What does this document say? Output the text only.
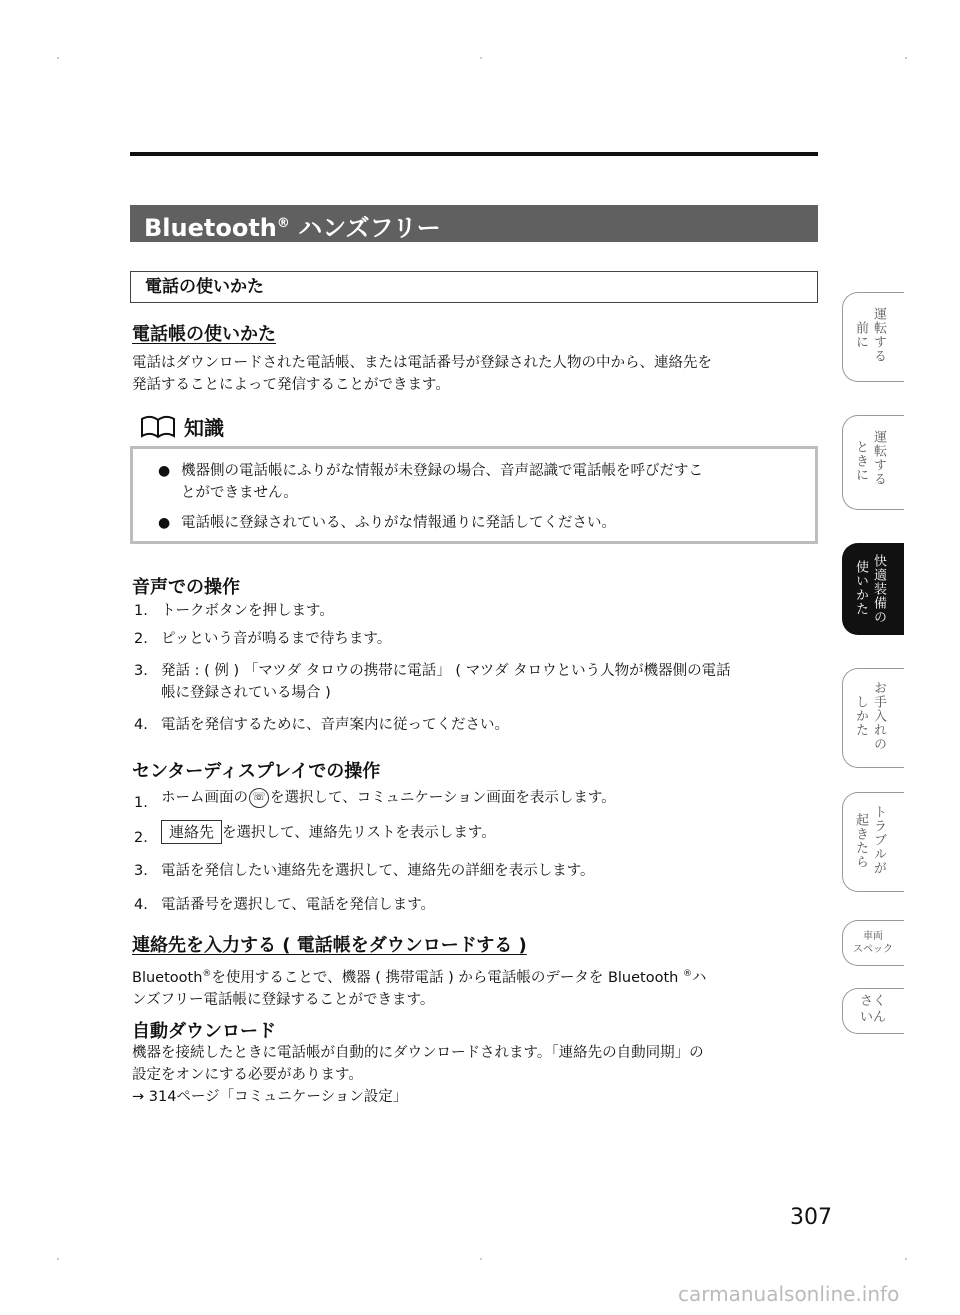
Bluetooth® ハンズフリー
電話の使いかた
電話帳の使いかた
電話はダウンロードされた電話帳、または電話番号が登録された人物の中から、連絡先を
発話することによって発信することができます。
知識
● 機器側の電話帳にふりがな情報が未登録の場合、音声認識で電話帳を呼びだすこ
とができません。
● 電話帳に登録されている、ふりがな情報通りに発話してください。
音声での操作
1. トークボタンを押します。
2. ピッという音が鳴るまで待ちます。
3. 発話 : ( 例 ) 「マツダ タロウの携帯に電話」 ( マツダ タロウという人物が機器側の電話
帳に登録されている場合 )
4. 電話を発信するために、音声案内に従ってください。
センターディスプレイでの操作
1. ホーム画面の ☏ を選択して、コミュニケーション画面を表示します。
2.	連絡先 を選択して、連絡先リストを表示します。
3. 電話を発信したい連絡先を選択して、連絡先の詳細を表示します。
4. 電話番号を選択して、電話を発信します。
連絡先を入力する ( 電話帳をダウンロードする )
Bluetooth®を使用することで、機器 ( 携帯電話 ) から電話帳のデータを Bluetooth ®ハ
ンズフリー電話帳に登録することができます。
自動ダウンロード
機器を接続したときに電話帳が自動的にダウンロードされます。「連絡先の自動同期」の
設定をオンにする必要があります。
→ 314ページ「コミュニケーション設定」
運転する
前に
運転する
ときに
快適装備の
使いかた
お手入れの
しかた
トラブルが
起きたら
車両
スペック
さく
いん
307
carmanualsonline.info
